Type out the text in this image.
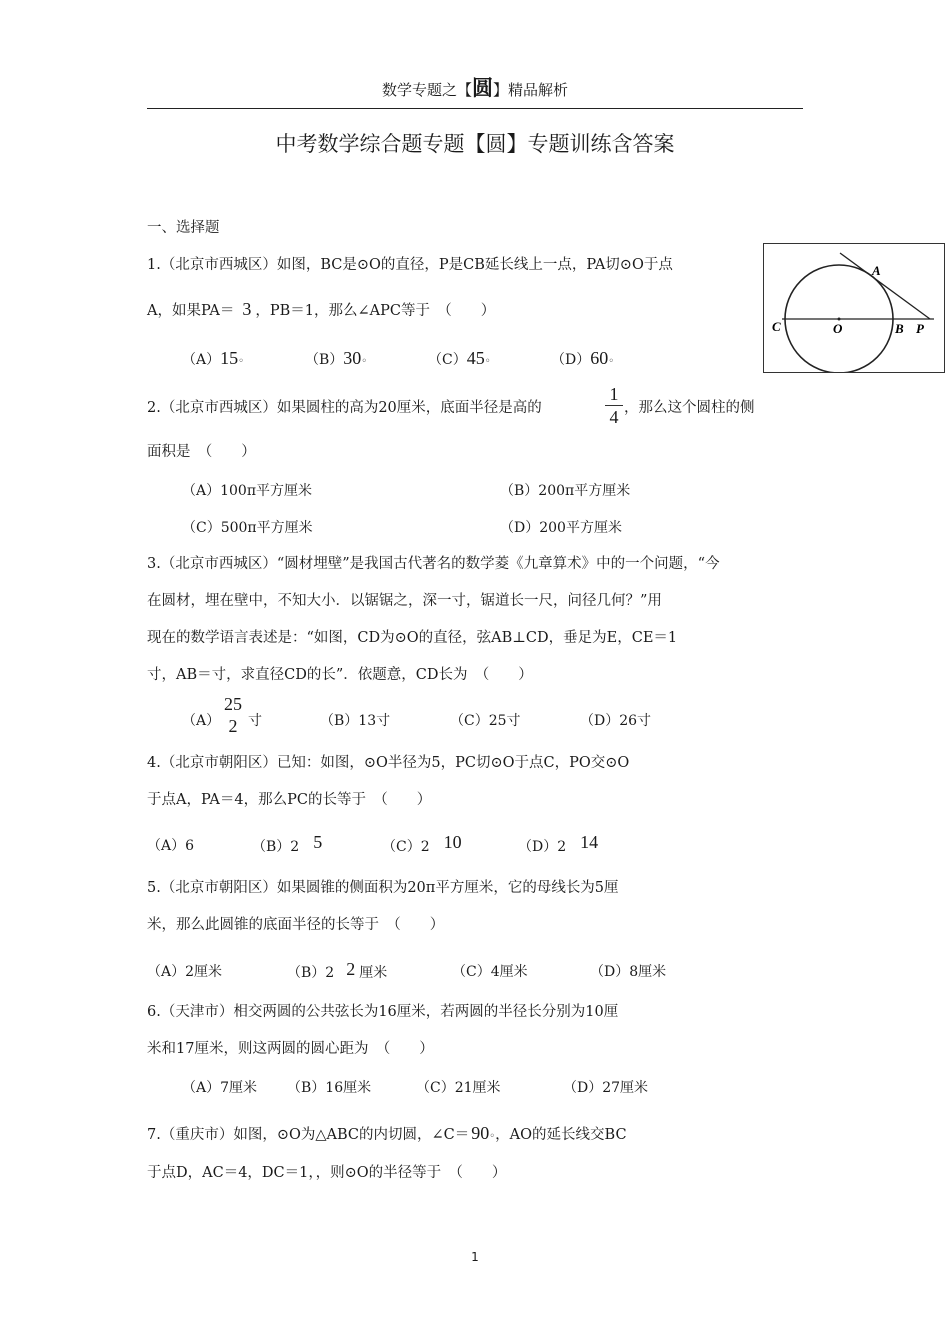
数学专题之【圆】精品解析
中考数学综合题专题【圆】专题训练含答案
一、选择题
A
C	O	B P
1.（北京市西城区）如图，BC是⊙O的直径，P是CB延长线上一点，PA切⊙O于点
A，如果PA＝ 3 ，PB＝1，那么∠APC等于　（　　）
（A）15◦	（B）30◦	（C）45◦	（D）60◦
2.（北京市西城区）如果圆柱的高为20厘米，底面半径是高的
1
4 ，那么这个圆柱的侧
面积是　（　　）
（A）100π平方厘米	（B）200π平方厘米
（C）500π平方厘米	（D）200平方厘米
3.（北京市西城区）“圆材埋壁”是我国古代著名的数学菱《九章算术》中的一个问题，“今
在圆材，埋在壁中，不知大小．以锯锯之，深一寸，锯道长一尺，问径几何？”用
现在的数学语言表述是：“如图，CD为⊙O的直径，弦AB⊥CD，垂足为E，CE＝1
寸，AB＝寸，求直径CD的长”．依题意，CD长为　（　　）
（A）
25
2 寸	（B）13寸	（C）25寸	（D）26寸
4.（北京市朝阳区）已知：如图，⊙O半径为5，PC切⊙O于点C，PO交⊙O
于点A，PA＝4，那么PC的长等于　（　　）
（A）6	（B）2 5	（C）2 10	（D）2 14
5.（北京市朝阳区）如果圆锥的侧面积为20π平方厘米，它的母线长为5厘
米，那么此圆锥的底面半径的长等于　（　　）
（A）2厘米	（B）2 2 厘米	（C）4厘米	（D）8厘米
6.（天津市）相交两圆的公共弦长为16厘米，若两圆的半径长分别为10厘
米和17厘米，则这两圆的圆心距为　（　　）
（A）7厘米 （B）16厘米	（C）21厘米	（D）27厘米
7.（重庆市）如图，⊙O为△ABC的内切圆，∠C＝ 90◦，AO的延长线交BC
于点D，AC＝4，DC＝1，，则⊙O的半径等于　（　　）
1
